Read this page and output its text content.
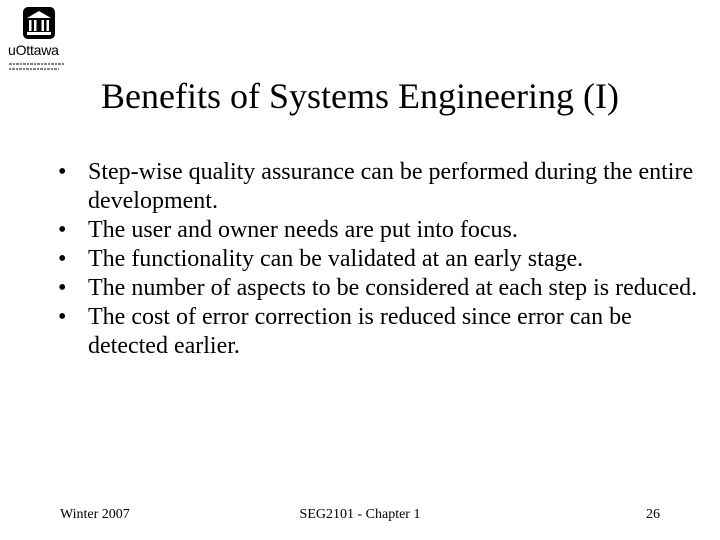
uOttawa
Benefits of Systems Engineering (I)
• Step-wise quality assurance can be performed during the entire development.
• The user and owner needs are put into focus.
• The functionality can be validated at an early stage.
• The number of aspects to be considered at each step is reduced.
• The cost of error correction is reduced since error can be detected earlier.
Winter 2007	SEG2101 - Chapter 1	26
